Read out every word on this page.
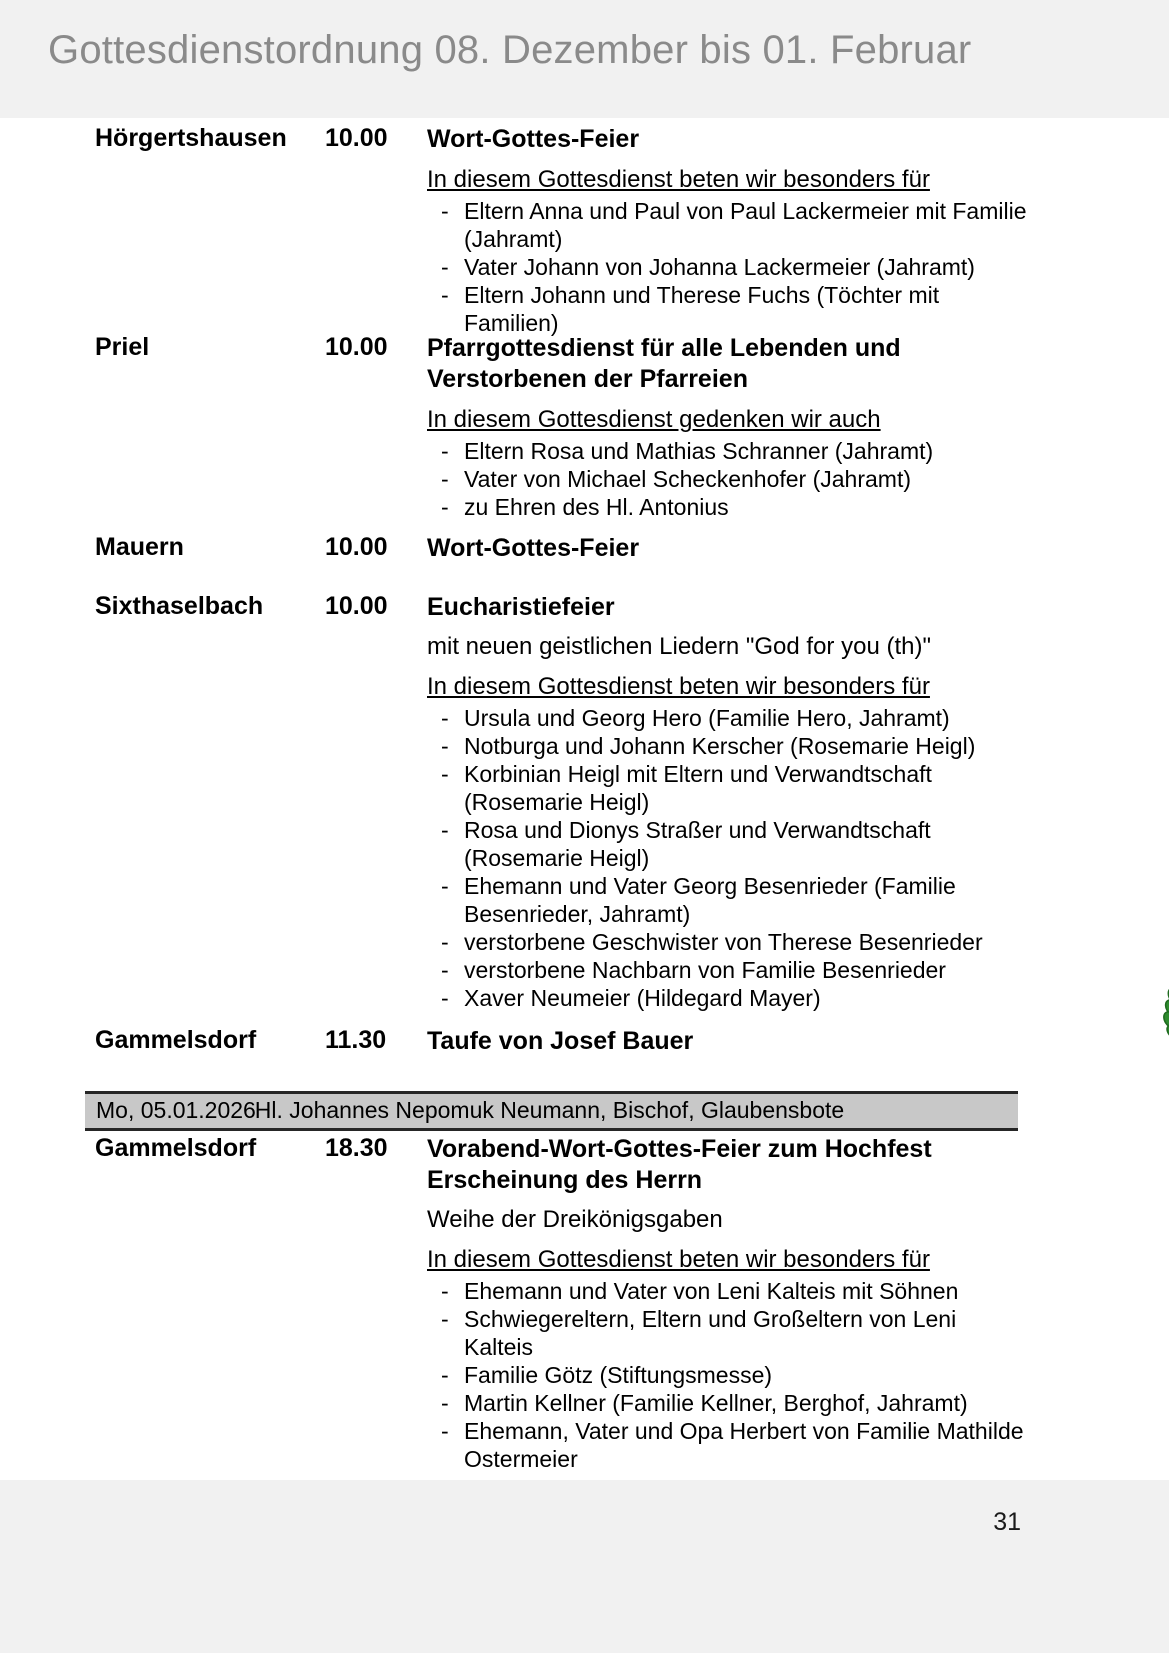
Gottesdienstordnung 08. Dezember bis 01. Februar
Hörgertshausen	10.00	Wort-Gottes-Feier
In diesem Gottesdienst beten wir besonders für
- Eltern Anna und Paul von Paul Lackermeier mit Familie (Jahramt)
- Vater Johann von Johanna Lackermeier (Jahramt)
- Eltern Johann und Therese Fuchs (Töchter mit Familien)
Priel	10.00	Pfarrgottesdienst für alle Lebenden und Verstorbenen der Pfarreien
In diesem Gottesdienst gedenken wir auch
- Eltern Rosa und Mathias Schranner (Jahramt)
- Vater von Michael Scheckenhofer (Jahramt)
- zu Ehren des Hl. Antonius
Mauern	10.00	Wort-Gottes-Feier
Sixthaselbach	10.00	Eucharistiefeier
mit neuen geistlichen Liedern "God for you (th)"
In diesem Gottesdienst beten wir besonders für
- Ursula und Georg Hero (Familie Hero, Jahramt)
- Notburga und Johann Kerscher (Rosemarie Heigl)
- Korbinian Heigl mit Eltern und Verwandtschaft (Rosemarie Heigl)
- Rosa und Dionys Straßer und Verwandtschaft (Rosemarie Heigl)
- Ehemann und Vater Georg Besenrieder (Familie Besenrieder, Jahramt)
- verstorbene Geschwister von Therese Besenrieder
- verstorbene Nachbarn von Familie Besenrieder
- Xaver Neumeier (Hildegard Mayer)
Gammelsdorf	11.30	Taufe von Josef Bauer
Mo, 05.01.2026
Hl. Johannes Nepomuk Neumann, Bischof, Glaubensbote
Gammelsdorf	18.30	Vorabend-Wort-Gottes-Feier zum Hochfest Erscheinung des Herrn
Weihe der Dreikönigsgaben
In diesem Gottesdienst beten wir besonders für
- Ehemann und Vater von Leni Kalteis mit Söhnen
- Schwiegereltern, Eltern und Großeltern von Leni Kalteis
- Familie Götz (Stiftungsmesse)
- Martin Kellner (Familie Kellner, Berghof, Jahramt)
- Ehemann, Vater und Opa Herbert von Familie Mathilde Ostermeier
31
